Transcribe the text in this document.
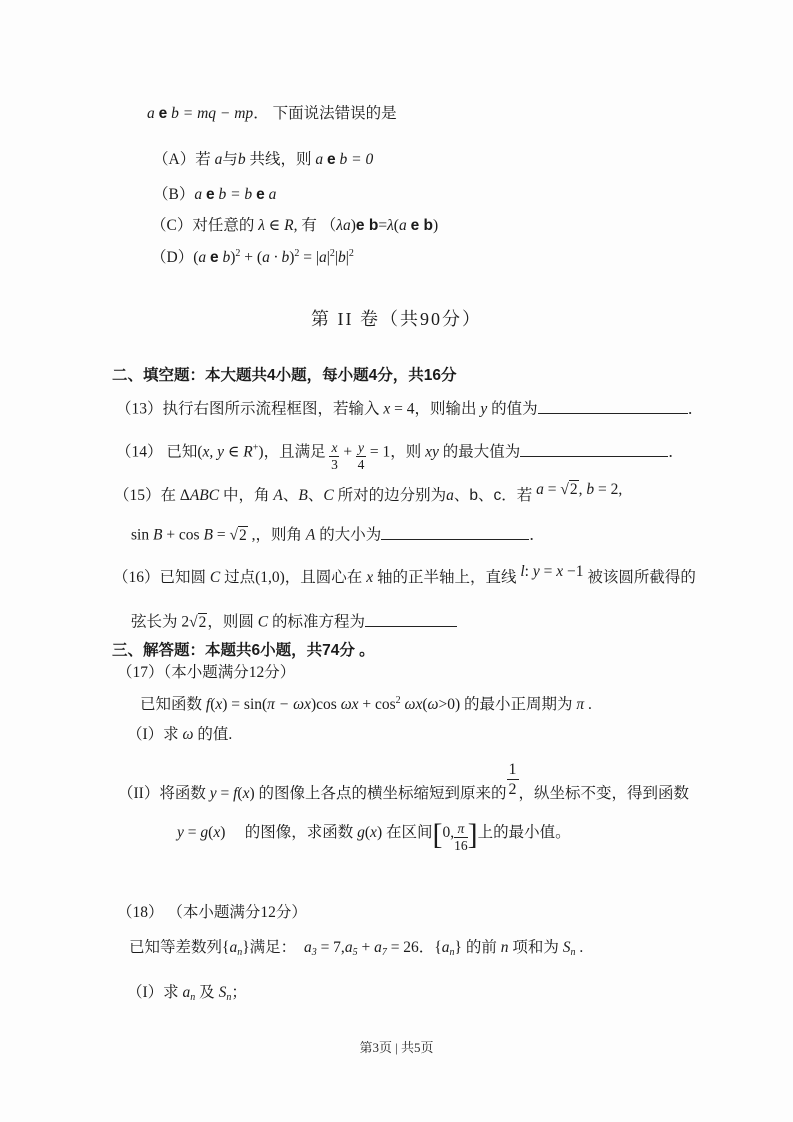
a e b = mq − mp． 下面说法错误的是
（A）若 a与b 共线，则 a e b = 0
（B）a e b = b e a
（C）对任意的 λ ∈ R, 有 （λa)e b=λ(a e b)
（D）(a e $b)^2 + (a \cdot b)^2 = |a|^2|b|^2$
第 II 卷（共90分）
二、填空题：本大题共4小题，每小题4分，共16分
（13）执行右图所示流程框图，若输入 x = 4，则输出 y 的值为	．
（14） 已知(x, y ∈ R+)，且满足 $\frac{x}{3} + \frac{y}{4} = 1$，则 xy 的最大值为	．
（15）在 ΔABC 中，角 A、B、C 所对的边分别为a、b、c．若 a = √2, b = 2,
sin B + cos B = √2 ,，则角 A 的大小为	．
（16）已知圆 C 过点(1,0)，且圆心在 x 轴的正半轴上，直线 l: y = x −1 被该圆所截得的
弦长为 2√2，则圆 C 的标准方程为
三、解答题：本题共6小题，共74分 。
（17）（本小题满分12分）
已知函数 f(x) = sin(π − ωx)cos $\omega x + \cos^2 \omega x(\omega>0)$ 的最小正周期为 π .
（I）求 ω 的值.
（II）将函数 y = f(x) 的图像上各点的横坐标缩短到原来的 $\frac{1}{2}$ ，纵坐标不变，得到函数
y = g(x)　 的图像，求函数 g(x) 在区间[0, $\frac{\pi}{16}$ ]上的最小值。
（18） （本小题满分12分）
已知等差数列$\{a_n\}$满足：　$a_3 = 7,a_5 + a_7 = 26$．$\{a_n\}$ 的前 n 项和为 $S_n$ .
（I）求 $a_n$ 及 $S_n$；
第3页 | 共5页
